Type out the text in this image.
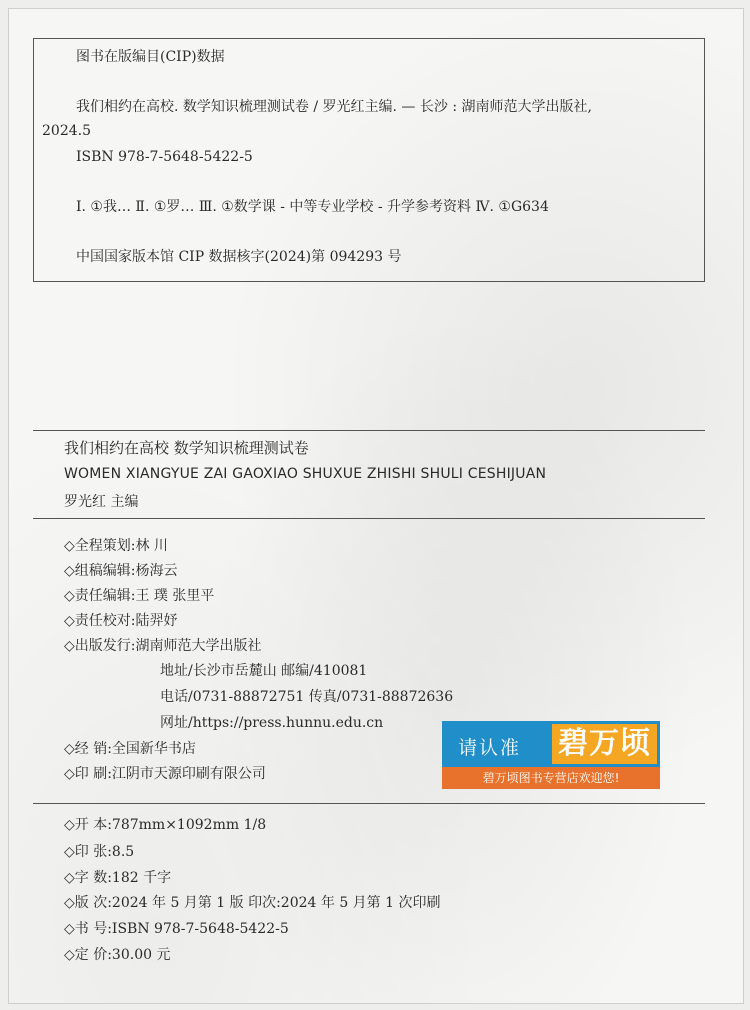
图书在版编目(CIP)数据
我们相约在高校. 数学知识梳理测试卷 / 罗光红主编. — 长沙 : 湖南师范大学出版社,
2024.5
ISBN 978-7-5648-5422-5
Ⅰ. ①我… Ⅱ. ①罗… Ⅲ. ①数学课 - 中等专业学校 - 升学参考资料 Ⅳ. ①G634
中国国家版本馆 CIP 数据核字(2024)第 094293 号
我们相约在高校 数学知识梳理测试卷
WOMEN XIANGYUE ZAI GAOXIAO SHUXUE ZHISHI SHULI CESHIJUAN
罗光红 主编
◇全程策划:林 川
◇组稿编辑:杨海云
◇责任编辑:王 璞 张里平
◇责任校对:陆羿妤
◇出版发行:湖南师范大学出版社
地址/长沙市岳麓山 邮编/410081
电话/0731-88872751 传真/0731-88872636
网址/https://press.hunnu.edu.cn
◇经 销:全国新华书店
◇印 刷:江阴市天源印刷有限公司
◇开 本:787mm×1092mm 1/8
◇印 张:8.5
◇字 数:182 千字
◇版 次:2024 年 5 月第 1 版 印次:2024 年 5 月第 1 次印刷
◇书 号:ISBN 978-7-5648-5422-5
◇定 价:30.00 元
请认准 碧万顷
碧万顷图书专营店欢迎您!
